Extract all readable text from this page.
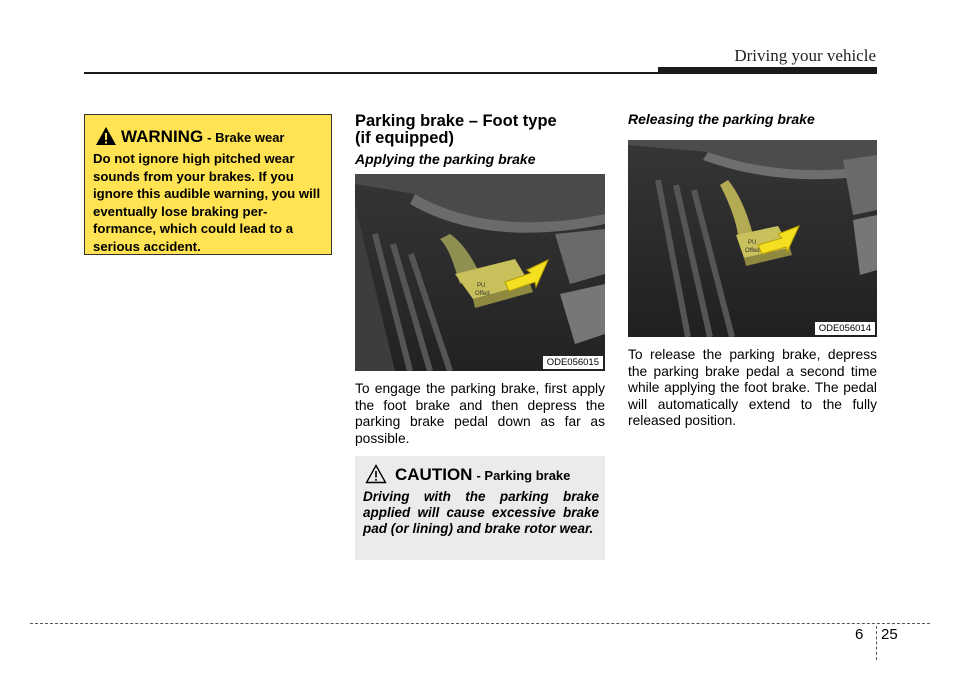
Driving your vehicle
WARNING - Brake wear
Do not ignore high pitched wear sounds from your brakes. If you ignore this audible warning, you will eventually lose braking per-formance, which could lead to a serious accident.
Parking brake – Foot type
(if equipped)
Applying the parking brake
PU
Offed
ODE056015
To engage the parking brake, first apply the foot brake and then depress the parking brake pedal down as far as possible.
CAUTION - Parking brake
Driving with the parking brake applied will cause excessive brake pad (or lining) and brake rotor wear.
Releasing the parking brake
PU
Offed
ODE056014
To release the parking brake, depress the parking brake pedal a second time while applying the foot brake. The pedal will automatically extend to the fully released position.
6 25
